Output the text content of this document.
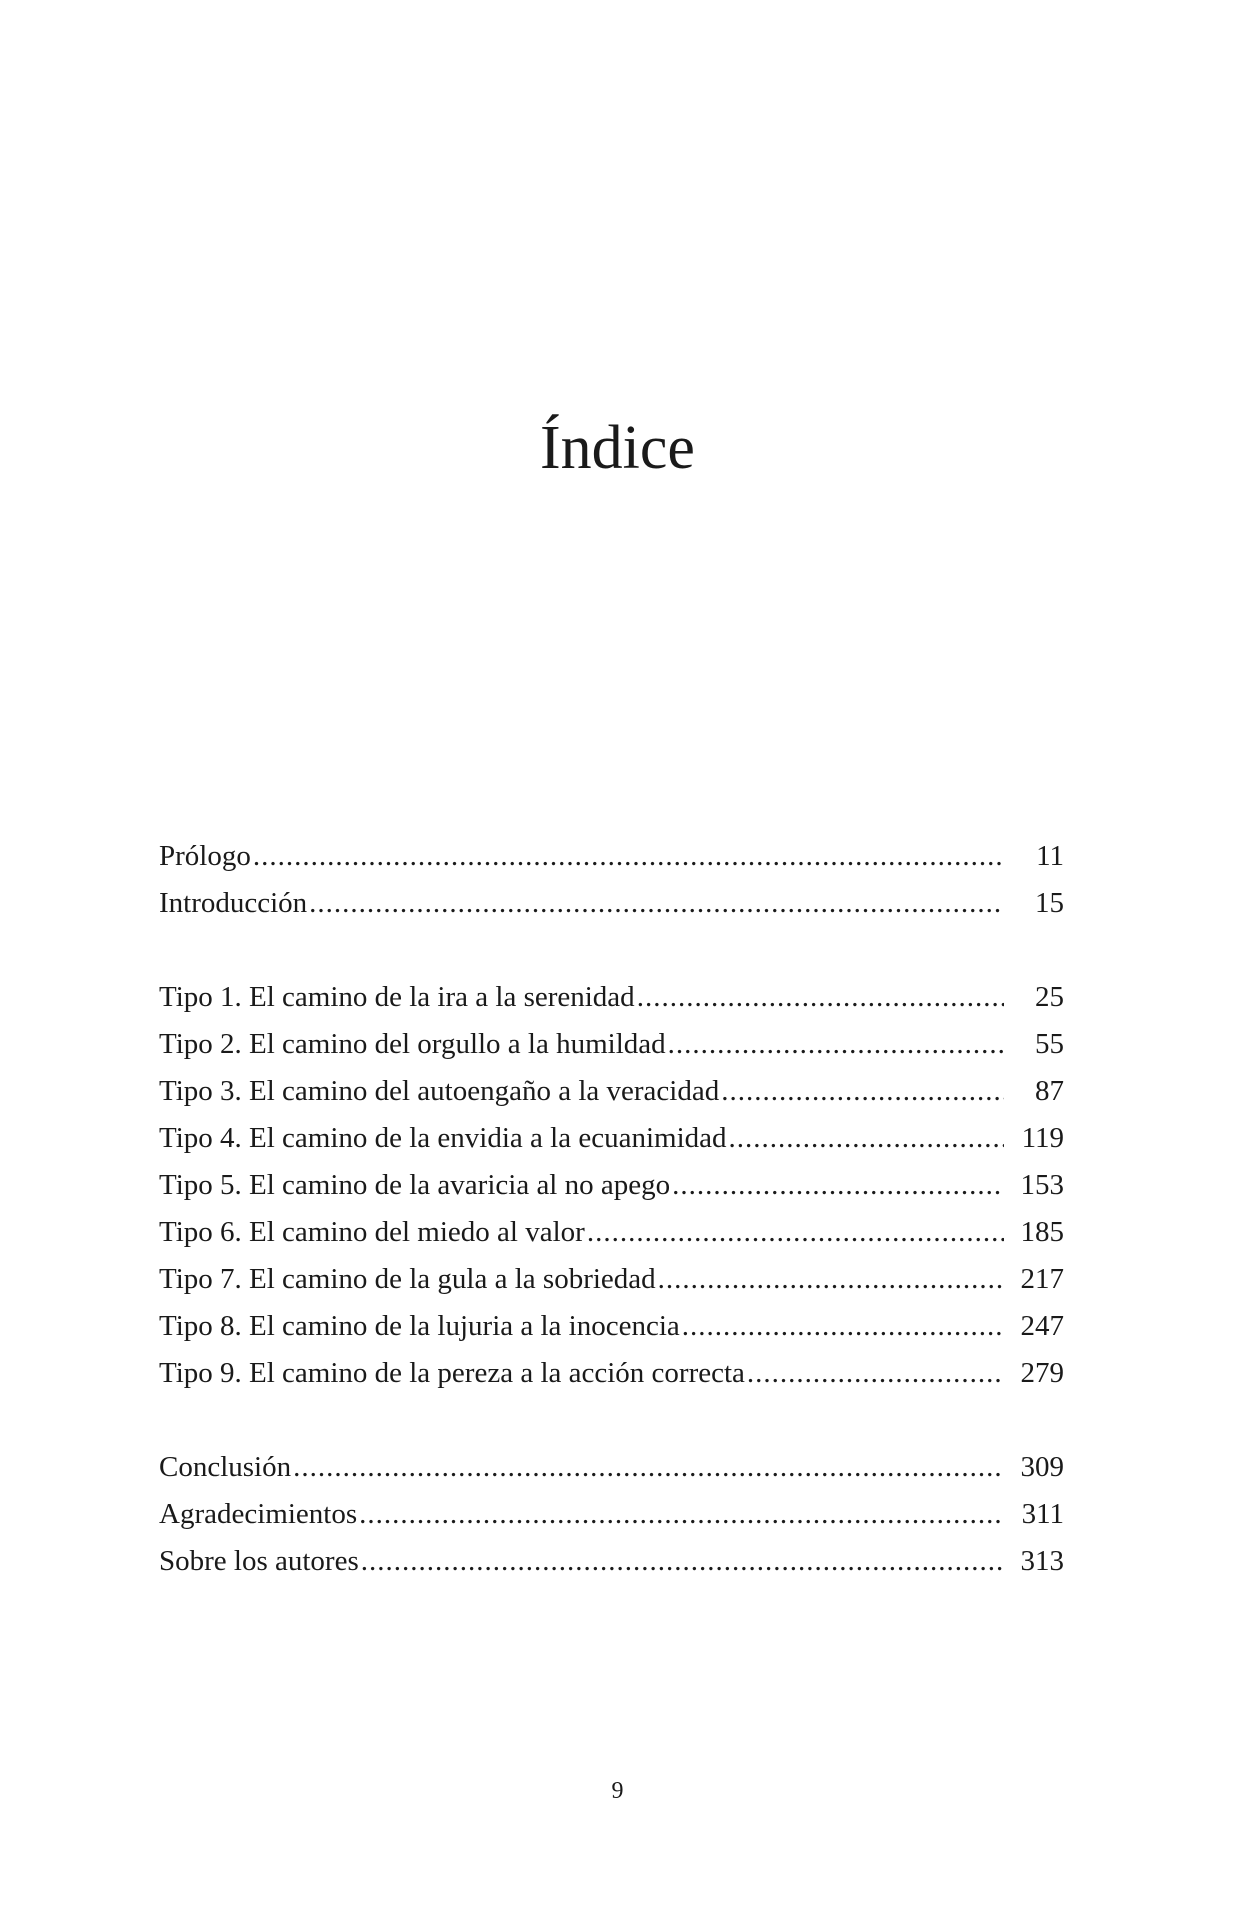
Índice
Prólogo .....	11
Introducción .....	15
Tipo 1. El camino de la ira a la serenidad .....	25
Tipo 2. El camino del orgullo a la humildad .....	55
Tipo 3. El camino del autoengaño a la veracidad .....	87
Tipo 4. El camino de la envidia a la ecuanimidad .....	119
Tipo 5. El camino de la avaricia al no apego .....	153
Tipo 6. El camino del miedo al valor .....	185
Tipo 7. El camino de la gula a la sobriedad .....	217
Tipo 8. El camino de la lujuria a la inocencia .....	247
Tipo 9. El camino de la pereza a la acción correcta .....	279
Conclusión .....	309
Agradecimientos .....	311
Sobre los autores .....	313
9
